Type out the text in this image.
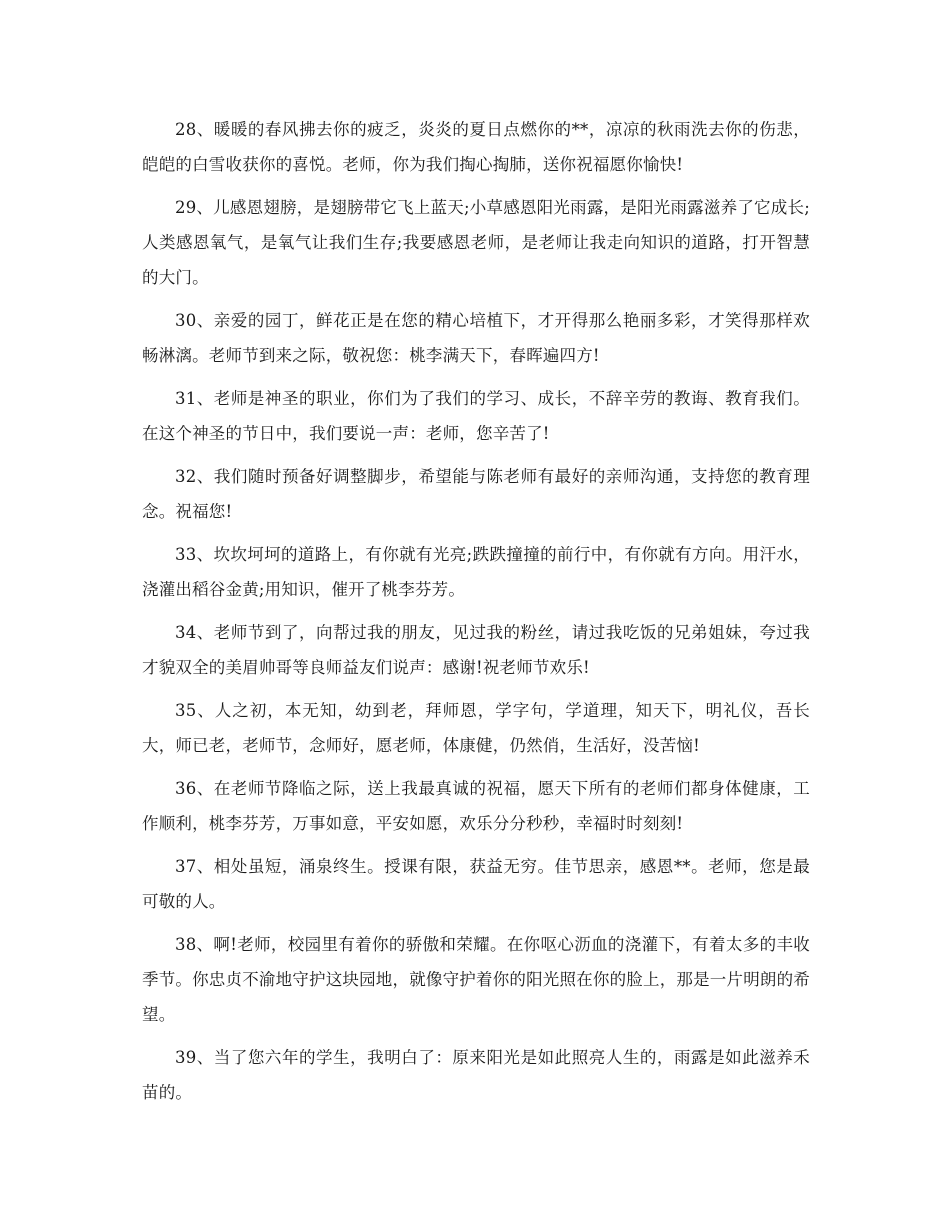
28、暖暖的春风拂去你的疲乏，炎炎的夏日点燃你的**，凉凉的秋雨洗去你的伤悲，皑皑的白雪收获你的喜悦。老师，你为我们掏心掏肺，送你祝福愿你愉快!

29、儿感恩翅膀，是翅膀带它飞上蓝天;小草感恩阳光雨露，是阳光雨露滋养了它成长;人类感恩氧气，是氧气让我们生存;我要感恩老师，是老师让我走向知识的道路，打开智慧的大门。

30、亲爱的园丁，鲜花正是在您的精心培植下，才开得那么艳丽多彩，才笑得那样欢畅淋漓。老师节到来之际，敬祝您：桃李满天下，春晖遍四方!

31、老师是神圣的职业，你们为了我们的学习、成长，不辞辛劳的教诲、教育我们。在这个神圣的节日中，我们要说一声：老师，您辛苦了!

32、我们随时预备好调整脚步，希望能与陈老师有最好的亲师沟通，支持您的教育理念。祝福您!

33、坎坎坷坷的道路上，有你就有光亮;跌跌撞撞的前行中，有你就有方向。用汗水，浇灌出稻谷金黄;用知识，催开了桃李芬芳。

34、老师节到了，向帮过我的朋友，见过我的粉丝，请过我吃饭的兄弟姐妹，夸过我才貌双全的美眉帅哥等良师益友们说声：感谢!祝老师节欢乐!

35、人之初，本无知，幼到老，拜师恩，学字句，学道理，知天下，明礼仪，吾长大，师已老，老师节，念师好，愿老师，体康健，仍然俏，生活好，没苦恼!

36、在老师节降临之际，送上我最真诚的祝福，愿天下所有的老师们都身体健康，工作顺利，桃李芬芳，万事如意，平安如愿，欢乐分分秒秒，幸福时时刻刻!

37、相处虽短，涌泉终生。授课有限，获益无穷。佳节思亲，感恩**。老师，您是最可敬的人。

38、啊!老师，校园里有着你的骄傲和荣耀。在你呕心沥血的浇灌下，有着太多的丰收季节。你忠贞不渝地守护这块园地，就像守护着你的阳光照在你的脸上，那是一片明朗的希望。

39、当了您六年的学生，我明白了：原来阳光是如此照亮人生的，雨露是如此滋养禾苗的。
